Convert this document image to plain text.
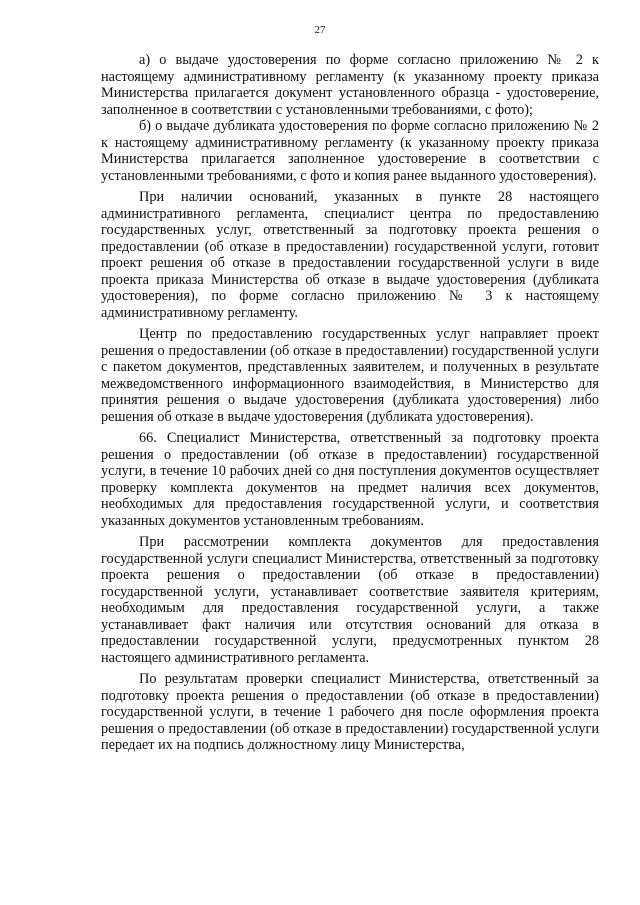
27

а) о выдаче удостоверения по форме согласно приложению № 2 к настоящему административному регламенту (к указанному проекту приказа Министерства прилагается документ установленного образца - удостоверение, заполненное в соответствии с установленными требованиями, с фото);

б) о выдаче дубликата удостоверения по форме согласно приложению № 2 к настоящему административному регламенту (к указанному проекту приказа Министерства прилагается заполненное удостоверение в соответствии с установленными требованиями, с фото и копия ранее выданного удостоверения).

При наличии оснований, указанных в пункте 28 настоящего административного регламента, специалист центра по предоставлению государственных услуг, ответственный за подготовку проекта решения о предоставлении (об отказе в предоставлении) государственной услуги, готовит проект решения об отказе в предоставлении государственной услуги в виде проекта приказа Министерства об отказе в выдаче удостоверения (дубликата удостоверения), по форме согласно приложению № 3 к настоящему административному регламенту.

Центр по предоставлению государственных услуг направляет проект решения о предоставлении (об отказе в предоставлении) государственной услуги с пакетом документов, представленных заявителем, и полученных в результате межведомственного информационного взаимодействия, в Министерство для принятия решения о выдаче удостоверения (дубликата удостоверения) либо решения об отказе в выдаче удостоверения (дубликата удостоверения).

66. Специалист Министерства, ответственный за подготовку проекта решения о предоставлении (об отказе в предоставлении) государственной услуги, в течение 10 рабочих дней со дня поступления документов осуществляет проверку комплекта документов на предмет наличия всех документов, необходимых для предоставления государственной услуги, и соответствия указанных документов установленным требованиям.

При рассмотрении комплекта документов для предоставления государственной услуги специалист Министерства, ответственный за подготовку проекта решения о предоставлении (об отказе в предоставлении) государственной услуги, устанавливает соответствие заявителя критериям, необходимым для предоставления государственной услуги, а также устанавливает факт наличия или отсутствия оснований для отказа в предоставлении государственной услуги, предусмотренных пунктом 28 настоящего административного регламента.

По результатам проверки специалист Министерства, ответственный за подготовку проекта решения о предоставлении (об отказе в предоставлении) государственной услуги, в течение 1 рабочего дня после оформления проекта решения о предоставлении (об отказе в предоставлении) государственной услуги передает их на подпись должностному лицу Министерства,
